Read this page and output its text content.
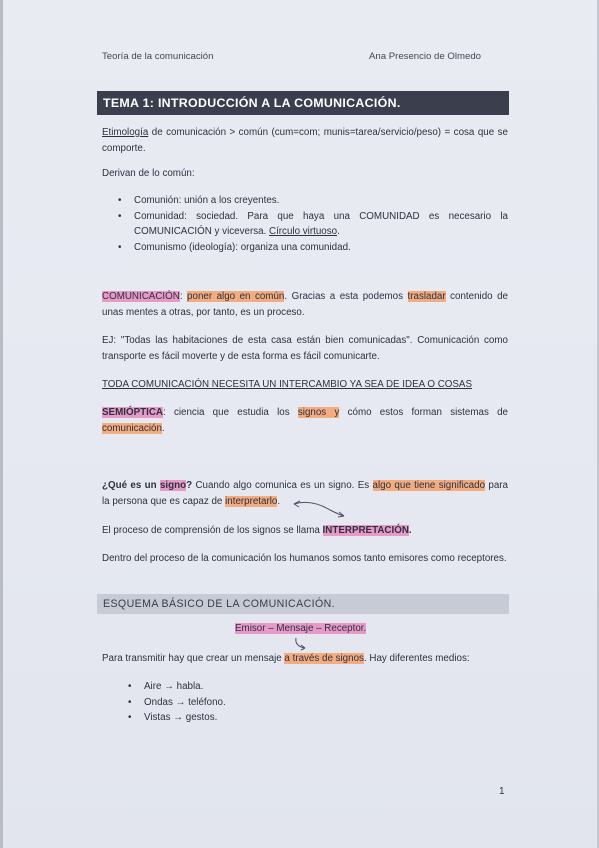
Teoría de la comunicación	Ana Presencio de Olmedo
TEMA 1: INTRODUCCIÓN A LA COMUNICACIÓN.
Etimología de comunicación > común (cum=com; munis=tarea/servicio/peso) = cosa que se comporte.
Derivan de lo común:
• Comunión: unión a los creyentes.
• Comunidad: sociedad. Para que haya una COMUNIDAD es necesario la COMUNICACIÓN y viceversa. Círculo virtuoso.
• Comunismo (ideología): organiza una comunidad.
COMUNICACIÓN: poner algo en común. Gracias a esta podemos trasladar contenido de unas mentes a otras, por tanto, es un proceso.
EJ: "Todas las habitaciones de esta casa están bien comunicadas". Comunicación como transporte es fácil moverte y de esta forma es fácil comunicarte.
TODA COMUNICACIÓN NECESITA UN INTERCAMBIO YA SEA DE IDEA O COSAS
SEMIÓPTICA: ciencia que estudia los signos y cómo estos forman sistemas de comunicación.
¿Qué es un signo? Cuando algo comunica es un signo. Es algo que tiene significado para la persona que es capaz de interpretarlo.
El proceso de comprensión de los signos se llama INTERPRETACIÓN.
Dentro del proceso de la comunicación los humanos somos tanto emisores como receptores.
ESQUEMA BÁSICO DE LA COMUNICACIÓN.
Emisor – Mensaje – Receptor.
Para transmitir hay que crear un mensaje a través de signos. Hay diferentes medios:
• Aire → habla.
• Ondas → teléfono.
• Vistas → gestos.
1
